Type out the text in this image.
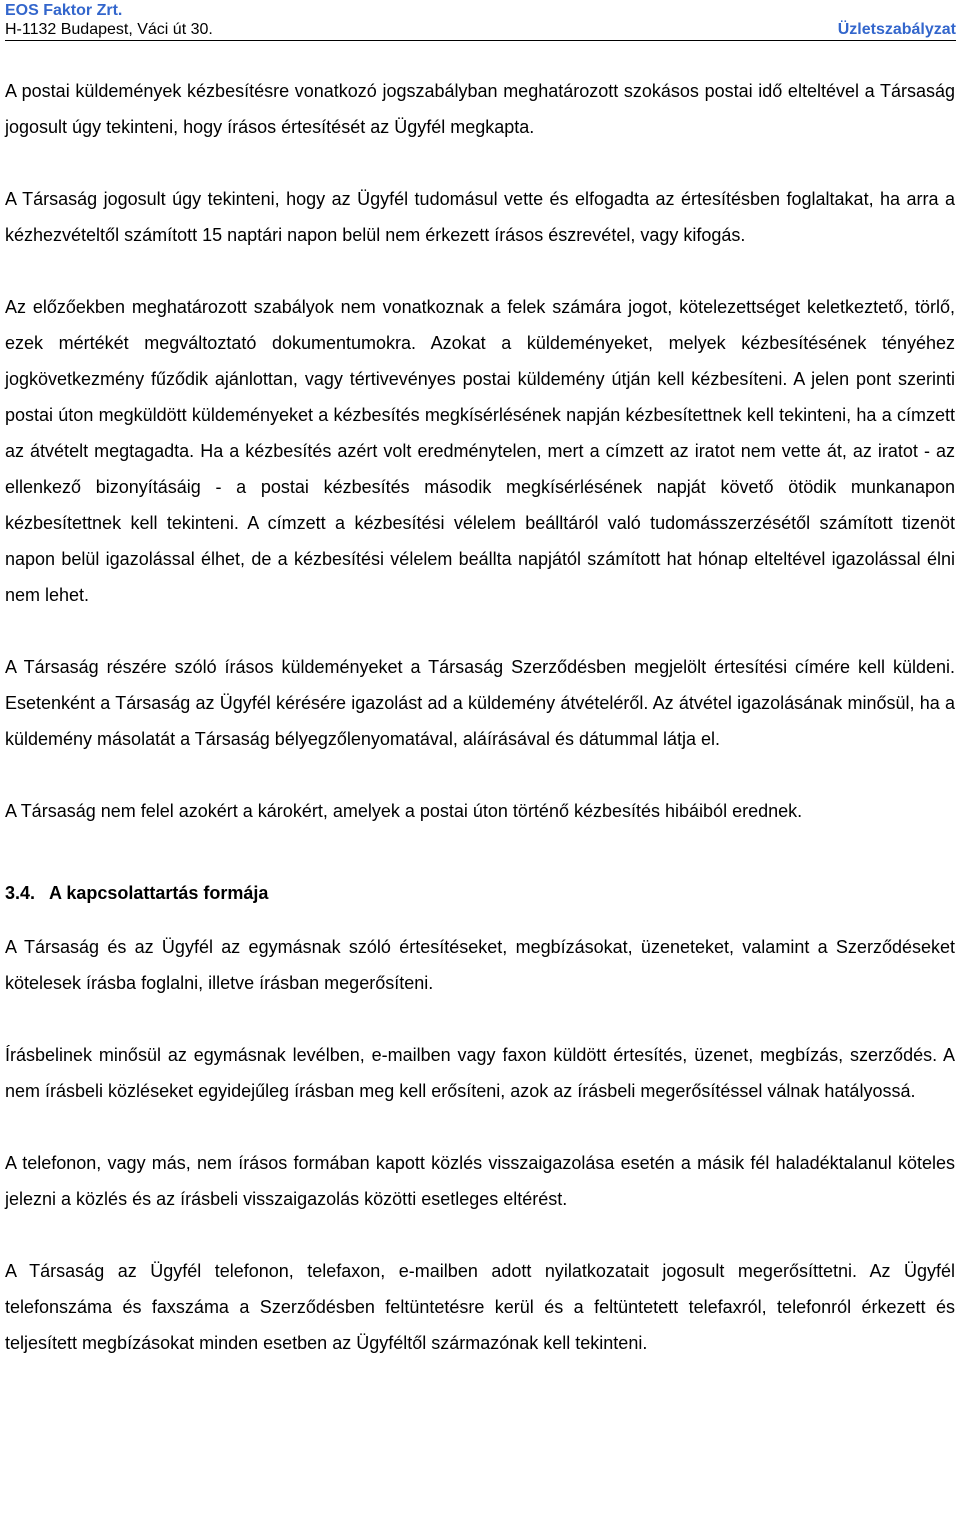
EOS Faktor Zrt.
H-1132 Budapest, Váci út 30.	Üzletszabályzat

A postai küldemények kézbesítésre vonatkozó jogszabályban meghatározott szokásos postai idő elteltével a Társaság jogosult úgy tekinteni, hogy írásos értesítését az Ügyfél megkapta.

A Társaság jogosult úgy tekinteni, hogy az Ügyfél tudomásul vette és elfogadta az értesítésben foglaltakat, ha arra a kézhezvételtől számított 15 naptári napon belül nem érkezett írásos észrevétel, vagy kifogás.

Az előzőekben meghatározott szabályok nem vonatkoznak a felek számára jogot, kötelezettséget keletkeztető, törlő, ezek mértékét megváltoztató dokumentumokra. Azokat a küldeményeket, melyek kézbesítésének tényéhez jogkövetkezmény fűződik ajánlottan, vagy tértivevényes postai küldemény útján kell kézbesíteni. A jelen pont szerinti postai úton megküldött küldeményeket a kézbesítés megkísérlésének napján kézbesítettnek kell tekinteni, ha a címzett az átvételt megtagadta. Ha a kézbesítés azért volt eredménytelen, mert a címzett az iratot nem vette át, az iratot - az ellenkező bizonyításáig - a postai kézbesítés második megkísérlésének napját követő ötödik munkanapon kézbesítettnek kell tekinteni. A címzett a kézbesítési vélelem beálltáról való tudomásszerzésétől számított tizenöt napon belül igazolással élhet, de a kézbesítési vélelem beállta napjától számított hat hónap elteltével igazolással élni nem lehet.

A Társaság részére szóló írásos küldeményeket a Társaság Szerződésben megjelölt értesítési címére kell küldeni. Esetenként a Társaság az Ügyfél kérésére igazolást ad a küldemény átvételéről. Az átvétel igazolásának minősül, ha a küldemény másolatát a Társaság bélyegzőlenyomatával, aláírásával és dátummal látja el.

A Társaság nem felel azokért a károkért, amelyek a postai úton történő kézbesítés hibáiból erednek.

3.4. A kapcsolattartás formája

A Társaság és az Ügyfél az egymásnak szóló értesítéseket, megbízásokat, üzeneteket, valamint a Szerződéseket kötelesek írásba foglalni, illetve írásban megerősíteni.

Írásbelinek minősül az egymásnak levélben, e-mailben vagy faxon küldött értesítés, üzenet, megbízás, szerződés. A nem írásbeli közléseket egyidejűleg írásban meg kell erősíteni, azok az írásbeli megerősítéssel válnak hatályossá.

A telefonon, vagy más, nem írásos formában kapott közlés visszaigazolása esetén a másik fél haladéktalanul köteles jelezni a közlés és az írásbeli visszaigazolás közötti esetleges eltérést.

A Társaság az Ügyfél telefonon, telefaxon, e-mailben adott nyilatkozatait jogosult megerősíttetni. Az Ügyfél telefonszáma és faxszáma a Szerződésben feltüntetésre kerül és a feltüntetett telefaxról, telefonról érkezett és teljesített megbízásokat minden esetben az Ügyféltől származónak kell tekinteni.
